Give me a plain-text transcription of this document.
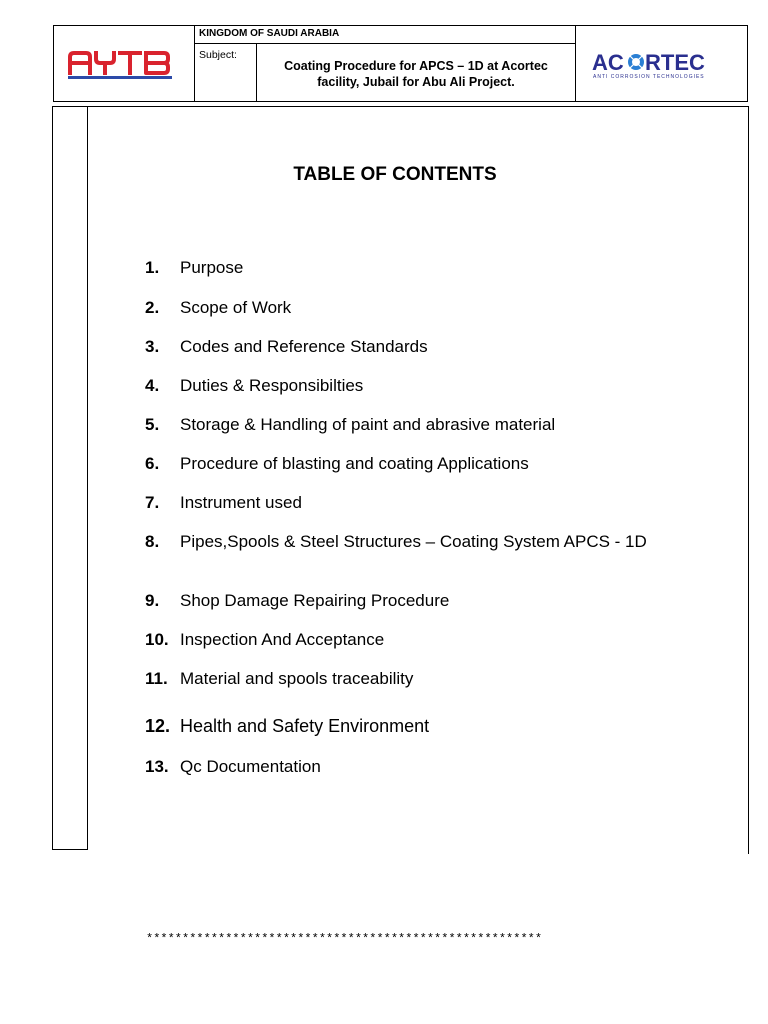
KINGDOM OF SAUDI ARABIA
Subject:
Coating Procedure for APCS – 1D at Acortec
facility, Jubail for Abu Ali Project.
AC RTEC
ANTI CORROSION TECHNOLOGIES
TABLE OF CONTENTS
1. Purpose
2. Scope of Work
3. Codes and Reference Standards
4. Duties & Responsibilties
5. Storage & Handling of paint and abrasive material
6. Procedure of blasting and coating Applications
7. Instrument used
8. Pipes,Spools & Steel Structures – Coating System APCS - 1D
9. Shop Damage Repairing Procedure
10. Inspection And Acceptance
11. Material and spools traceability
12. Health and Safety Environment
13. Qc Documentation
*******************************************************
